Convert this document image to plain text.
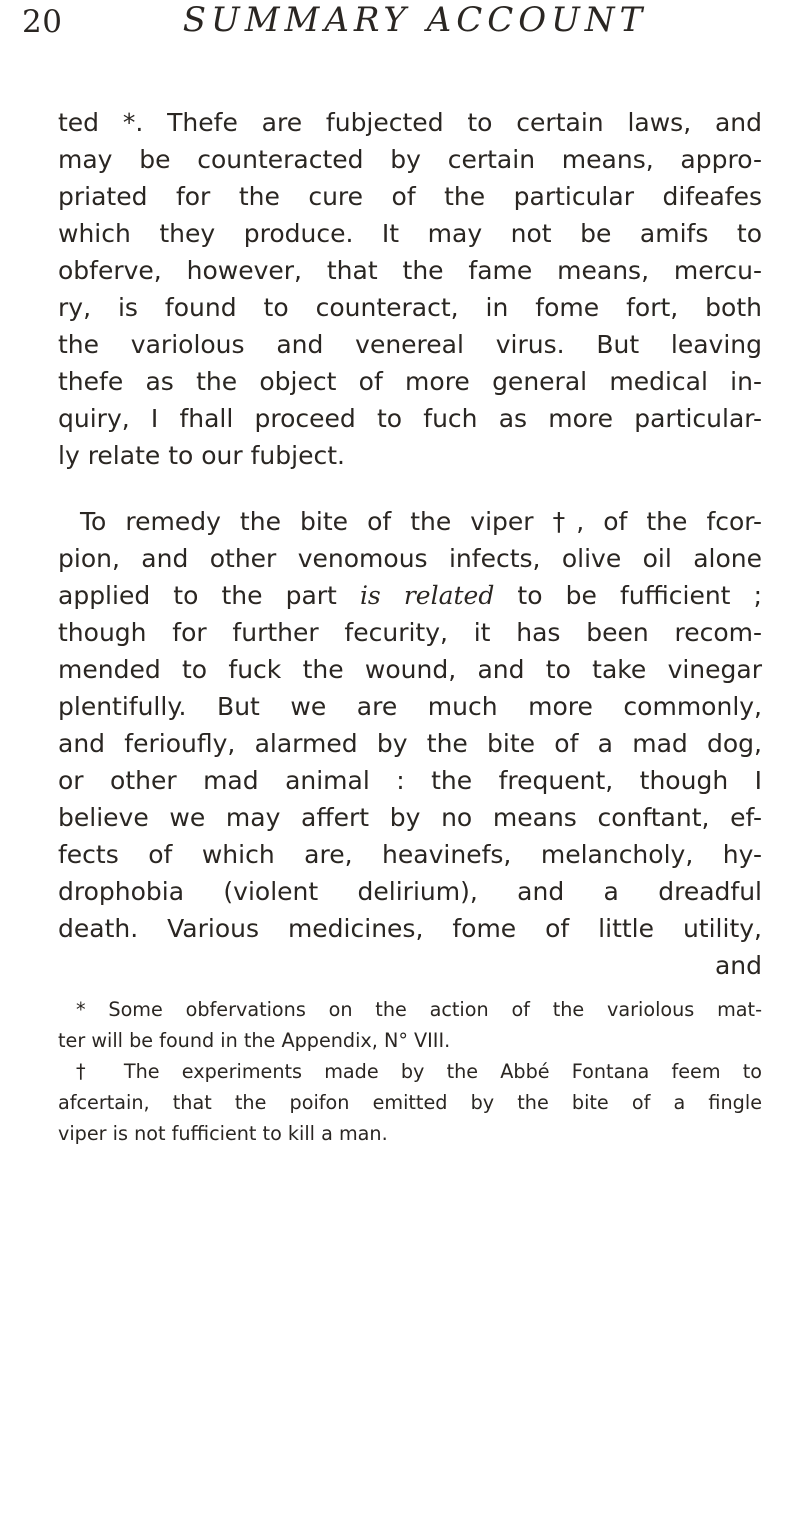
20	SUMMARY ACCOUNT
ted *. Thefe are fubjected to certain laws, and
may be counteracted by certain means, appro-
priated for the cure of the particular difeafes
which they produce. It may not be amifs to
obferve, however, that the fame means, mercu-
ry, is found to counteract, in fome fort, both
the variolous and venereal virus. But leaving
thefe as the object of more general medical in-
quiry, I fhall proceed to fuch as more particular-
ly relate to our fubject.
To remedy the bite of the viper †, of the fcor-
pion, and other venomous infects, olive oil alone
applied to the part is related to be fufficient ;
though for further fecurity, it has been recom-
mended to fuck the wound, and to take vinegar
plentifully. But we are much more commonly,
and ferioufly, alarmed by the bite of a mad dog,
or other mad animal : the frequent, though I
believe we may affert by no means conftant, ef-
fects of which are, heavinefs, melancholy, hy-
drophobia (violent delirium), and a dreadful
death. Various medicines, fome of little utility,
and
* Some obfervations on the action of the variolous mat-
ter will be found in the Appendix, N° VIII.
† The experiments made by the Abbé Fontana feem to
afcertain, that the poifon emitted by the bite of a fingle
viper is not fufficient to kill a man.
